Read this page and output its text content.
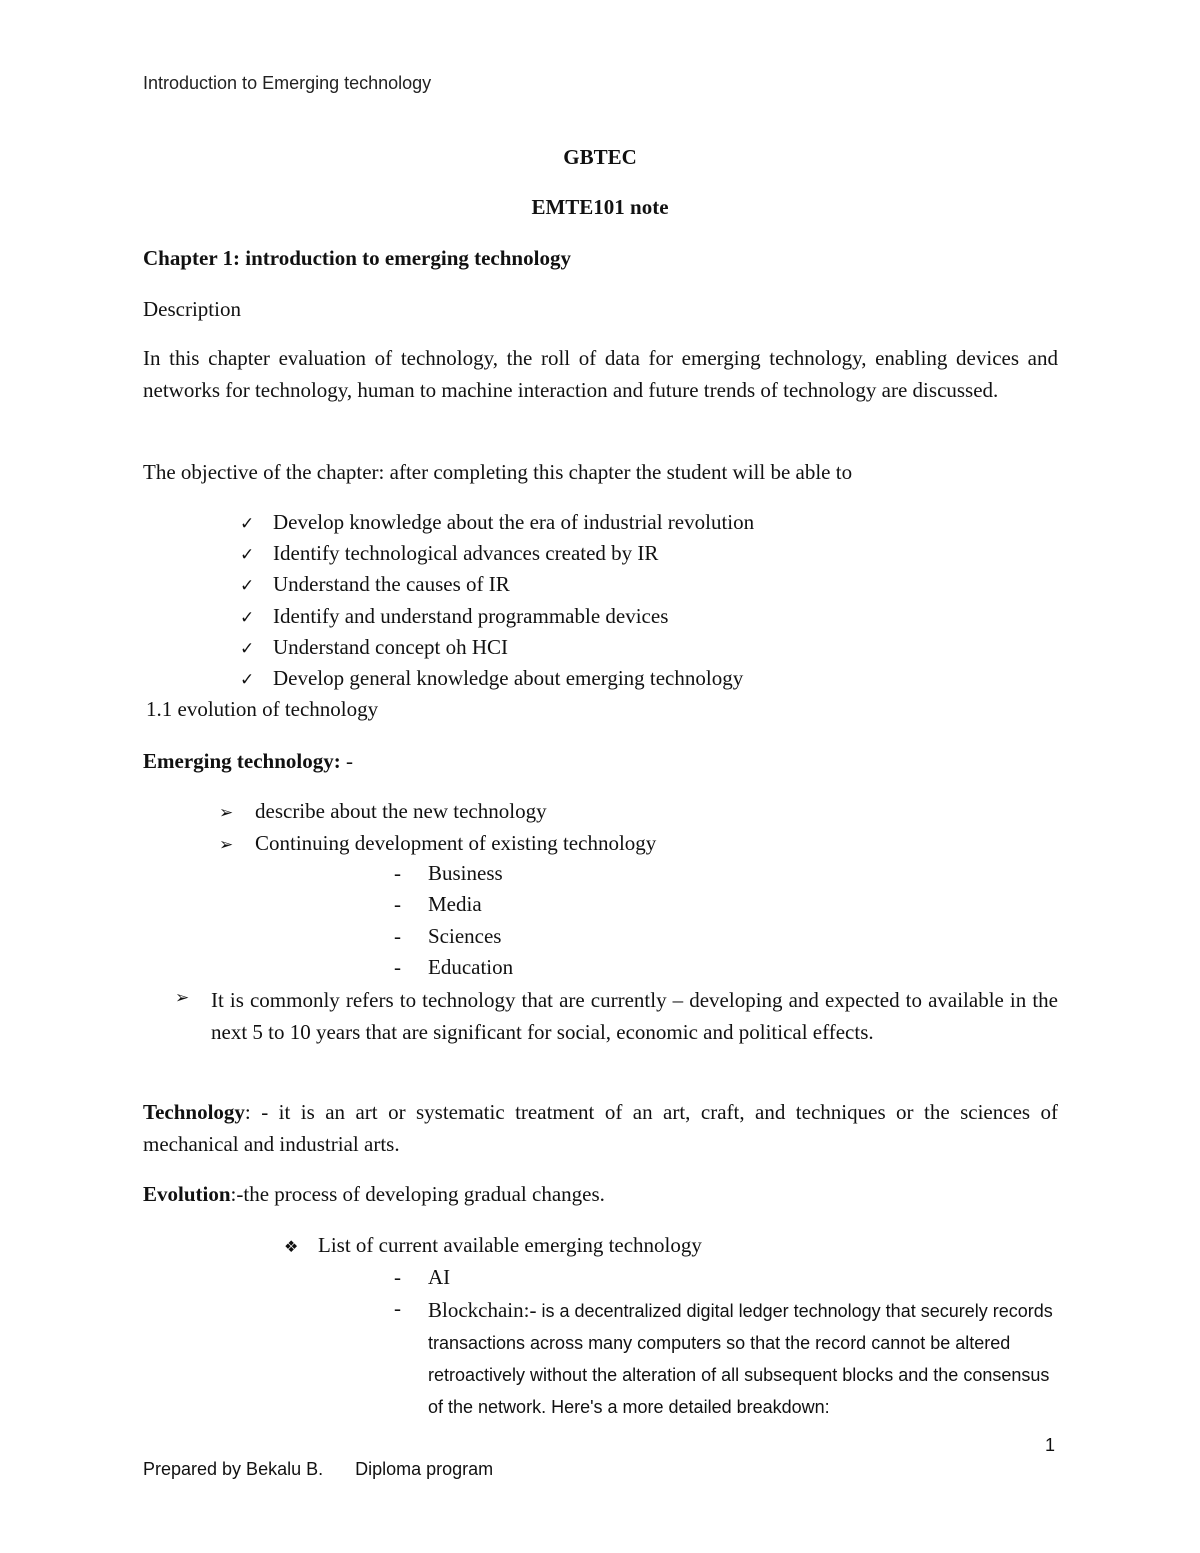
Introduction to Emerging technology
GBTEC
EMTE101 note
Chapter 1: introduction to emerging technology
Description
In this chapter evaluation of technology, the roll of data for emerging technology, enabling devices and networks for technology, human to machine interaction and future trends of technology are discussed.
The objective of the chapter: after completing this chapter the student will be able to
✓ Develop knowledge about the era of industrial revolution
✓ Identify technological advances created by IR
✓ Understand the causes of IR
✓ Identify and understand programmable devices
✓ Understand concept oh HCI
✓ Develop general knowledge about emerging technology
1.1 evolution of technology
Emerging technology: -
➢ describe about the new technology
➢ Continuing development of existing technology
- Business
- Media
- Sciences
- Education
➢	It is commonly refers to technology that are currently – developing and expected to available in the next 5 to 10 years that are significant for social, economic and political effects.
Technology: - it is an art or systematic treatment of an art, craft, and techniques or the sciences of mechanical and industrial arts.
Evolution:-the process of developing gradual changes.
❖ List of current available emerging technology
- AI
-	Blockchain:- is a decentralized digital ledger technology that securely records transactions across many computers so that the record cannot be altered retroactively without the alteration of all subsequent blocks and the consensus of the network. Here's a more detailed breakdown:
1
Prepared by Bekalu B. Diploma program
